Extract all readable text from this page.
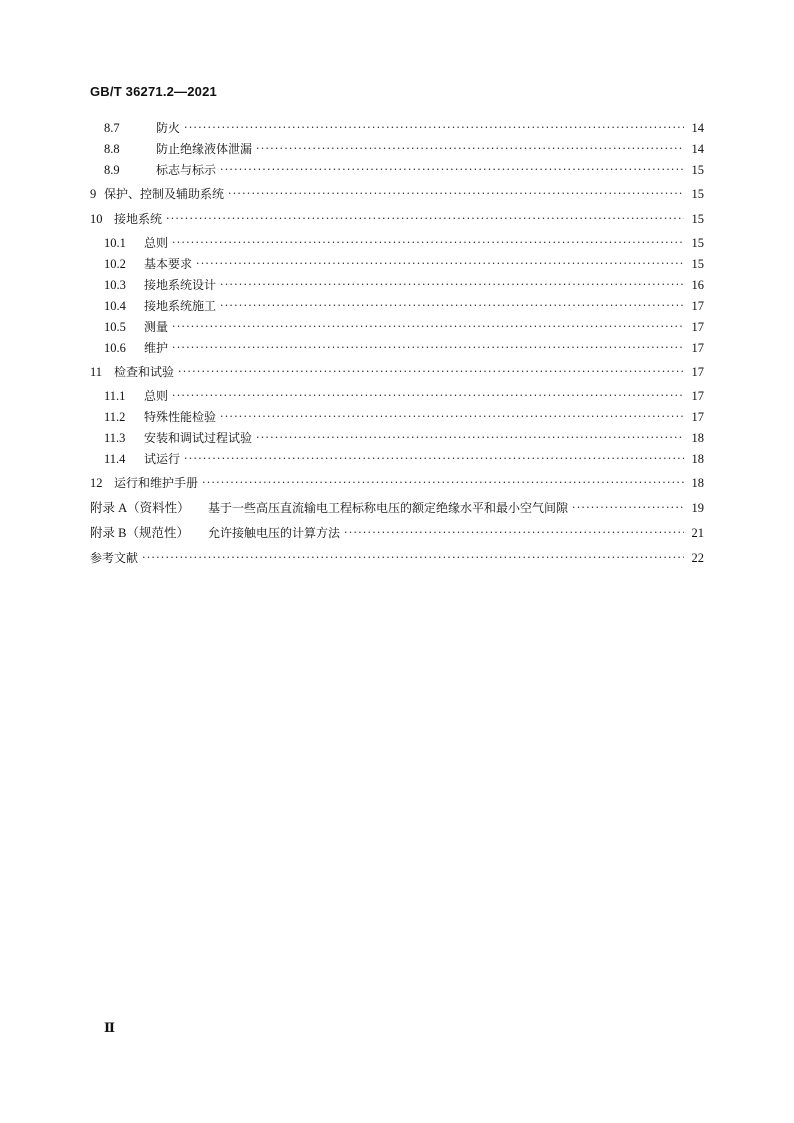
GB/T 36271.2—2021
8.7	防火 ·····	14
8.8	防止绝缘液体泄漏 ·····	14
8.9	标志与标示 ·····	15
9 保护、控制及辅助系统 ·····	15
10 接地系统 ·····	15
10.1	总则 ·····	15
10.2	基本要求 ·····	15
10.3	接地系统设计 ·····	16
10.4	接地系统施工 ·····	17
10.5	测量 ·····	17
10.6	维护 ·····	17
11 检查和试验 ·····	17
11.1	总则 ·····	17
11.2	特殊性能检验 ·····	17
11.3	安装和调试过程试验 ·····	18
11.4	试运行 ·····	18
12 运行和维护手册 ·····	18
附录 A（资料性）	基于一些高压直流输电工程标称电压的额定绝缘水平和最小空气间隙 ·····	19
附录 B（规范性）	允许接触电压的计算方法 ·····	21
参考文献 ·····	22
Ⅱ
